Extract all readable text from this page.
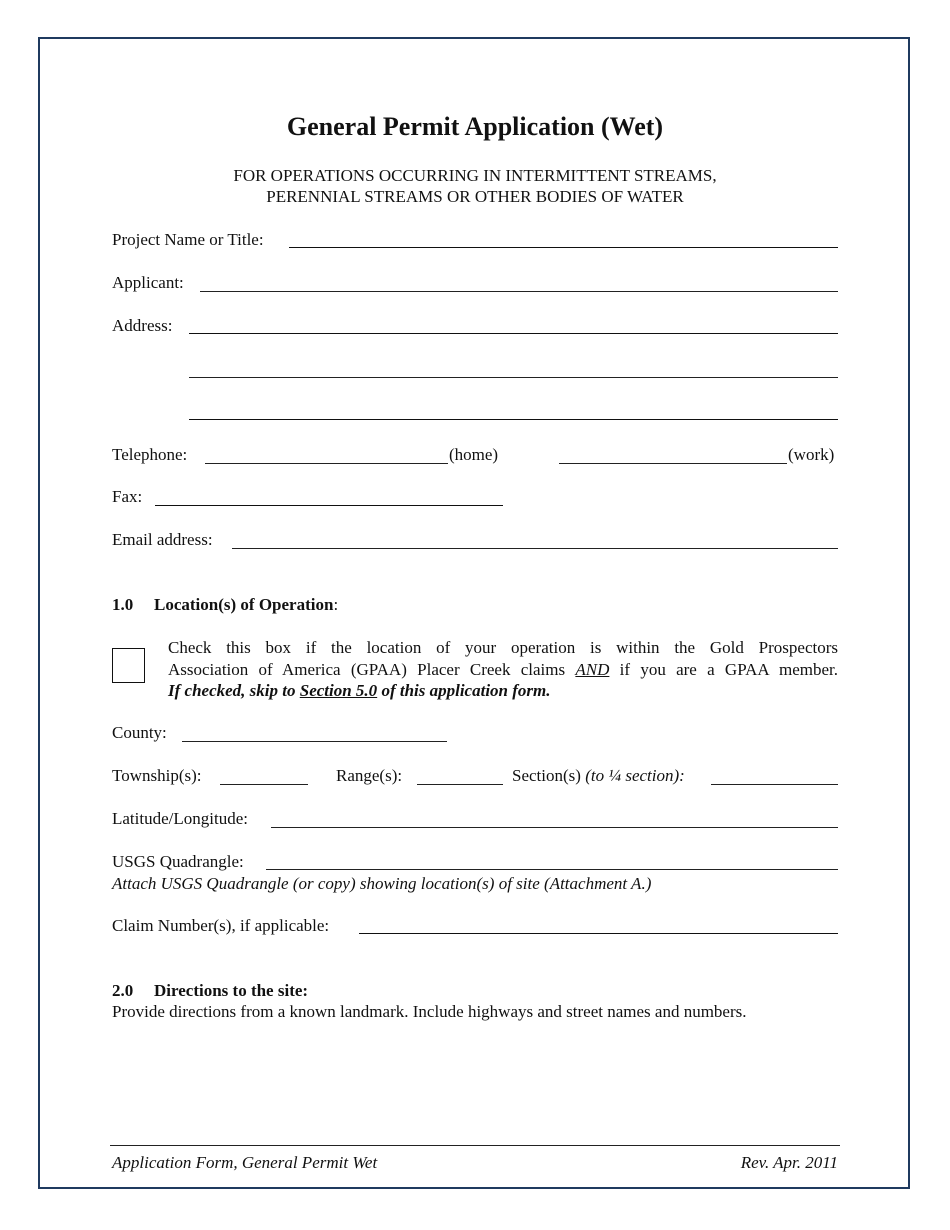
General Permit Application (Wet)
FOR OPERATIONS OCCURRING IN INTERMITTENT STREAMS,
PERENNIAL STREAMS OR OTHER BODIES OF WATER
Project Name or Title:
Applicant:
Address:
Telephone:	(home)	(work)
Fax:
Email address:
1.0 Location(s) of Operation:
Check this box if the location of your operation is within the Gold Prospectors
Association of America (GPAA) Placer Creek claims AND if you are a GPAA member.
If checked, skip to Section 5.0 of this application form.
County:
Township(s):	Range(s):	Section(s) (to ¼ section):
Latitude/Longitude:
USGS Quadrangle:
Attach USGS Quadrangle (or copy) showing location(s) of site (Attachment A.)
Claim Number(s), if applicable:
2.0 Directions to the site:
Provide directions from a known landmark. Include highways and street names and numbers.
Application Form, General Permit Wet	Rev. Apr. 2011
